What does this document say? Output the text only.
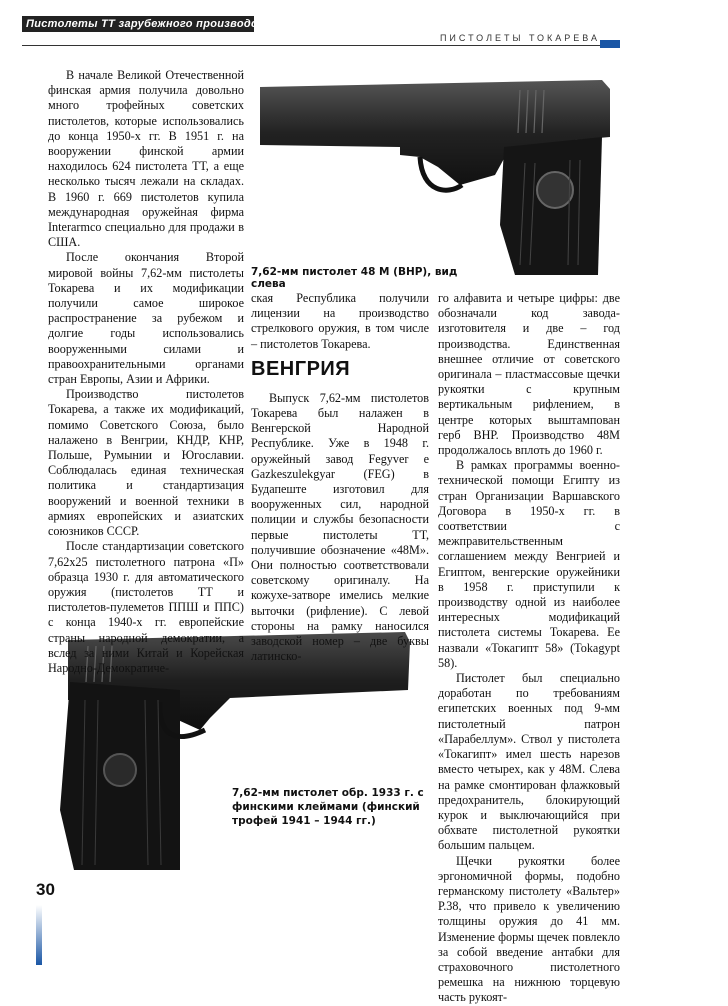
Пистолеты ТТ зарубежного производства
ПИСТОЛЕТЫ ТОКАРЕВА
7,62-мм пистолет 48 М (ВНР), вид слева
7,62-мм пистолет обр. 1933 г. с финскими клеймами (финский трофей 1941 – 1944 гг.)

В начале Великой Отечественной финская армия получила довольно много трофейных советских пистолетов, которые использовались до конца 1950-х гг. В 1951 г. на вооружении финской армии находилось 624 пистолета ТТ, а еще несколько тысяч лежали на складах. В 1960 г. 669 пистолетов купила международная оружейная фирма Interarmco специально для продажи в США.

После окончания Второй мировой войны 7,62-мм пистолеты Токарева и их модификации получили самое широкое распространение за рубежом и долгие годы использовались вооруженными силами и правоохранительными органами стран Европы, Азии и Африки.

Производство пистолетов Токарева, а также их модификаций, помимо Советского Союза, было налажено в Венгрии, КНДР, КНР, Польше, Румынии и Югославии. Соблюдалась единая техническая политика и стандартизация вооружений и военной техники в армиях европейских и азиатских союзников СССР.

После стандартизации советского 7,62х25 пистолетного патрона «П» образца 1930 г. для автоматического оружия (пистолетов ТТ и пистолетов-пулеметов ППШ и ППС) с конца 1940-х гг. европейские страны народной демократии, а вслед за ними Китай и Корейская Народно-Демократиче-

ская Республика получили лицензии на производство стрелкового оружия, в том числе – пистолетов Токарева.

ВЕНГРИЯ

Выпуск 7,62-мм пистолетов Токарева был налажен в Венгерской Народной Республике. Уже в 1948 г. оружейный завод Fegyver e Gazkeszulekgyar (FEG) в Будапеште изготовил для вооруженных сил, народной полиции и службы безопасности первые пистолеты ТТ, получившие обозначение «48М». Они полностью соответствовали советскому оригиналу. На кожухе-затворе имелись мелкие выточки (рифление). С левой стороны на рамку наносился заводской номер – две буквы латинско-

го алфавита и четыре цифры: две обозначали код завода-изготовителя и две – год производства. Единственная внешнее отличие от советского оригинала – пластмассовые щечки рукоятки с крупным вертикальным рифлением, в центре которых выштампован герб ВНР. Производство 48М продолжалось вплоть до 1960 г.

В рамках программы военно-технической помощи Египту из стран Организации Варшавского Договора в 1950-х гг. в соответствии с межправительственным соглашением между Венгрией и Египтом, венгерские оружейники в 1958 г. приступили к производству одной из наиболее интересных модификаций пистолета системы Токарева. Ее назвали «Токагипт 58» (Tokagypt 58).

Пистолет был специально доработан по требованиям египетских военных под 9-мм пистолетный патрон «Парабеллум». Ствол у пистолета «Токагипт» имел шесть нарезов вместо четырех, как у 48М. Слева на рамке смонтирован флажковый предохранитель, блокирующий курок и выключающийся при обхвате пистолетной рукоятки большим пальцем.

Щечки рукоятки более эргономичной формы, подобно германскому пистолету «Вальтер» Р.38, что привело к увеличению толщины оружия до 41 мм. Изменение формы щечек повлекло за собой введение антабки для страховочного пистолетного ремешка на нижнюю торцевую часть рукоят-

30
